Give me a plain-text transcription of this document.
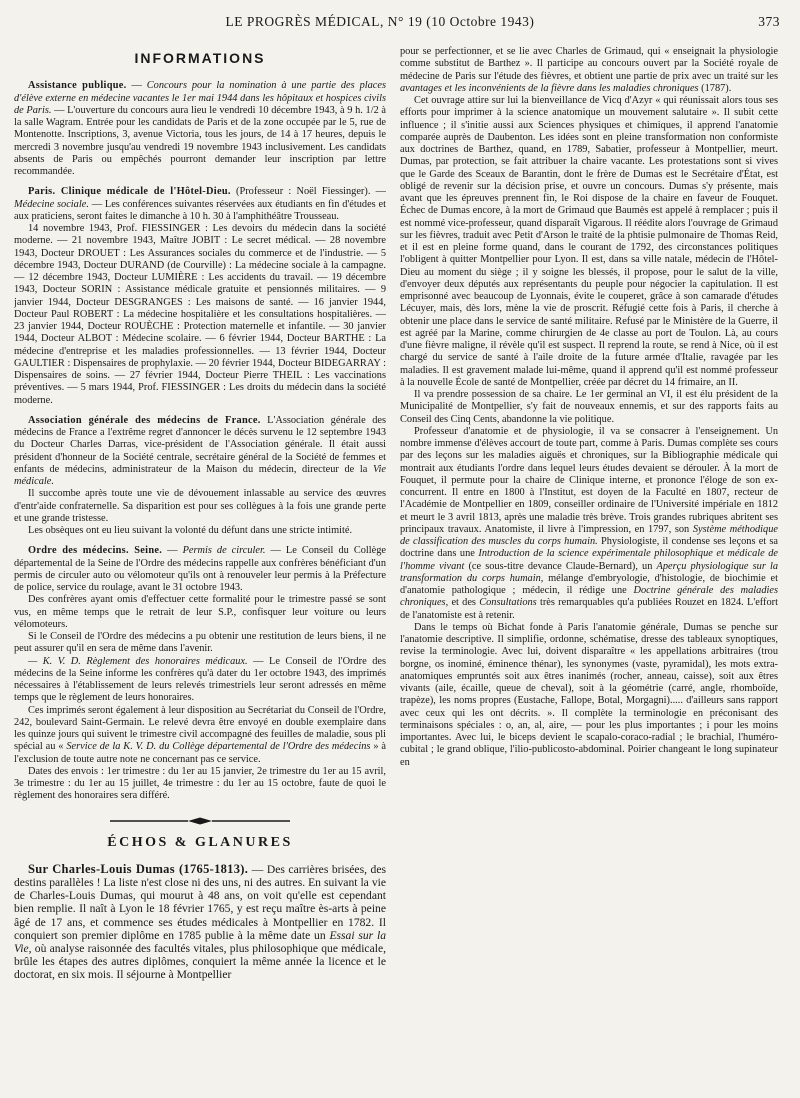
LE PROGRÈS MÉDICAL, N° 19 (10 Octobre 1943)	373
INFORMATIONS

Assistance publique. — Concours pour la nomination à une partie des places d'élève externe en médecine vacantes le 1er mai 1944 dans les hôpitaux et hospices civils de Paris. — L'ouverture du concours aura lieu le vendredi 10 décembre 1943, à 9 h. 1/2 à la salle Wagram. Entrée pour les candidats de Paris et de la zone occupée par le 5, rue de Montenotte. Inscriptions, 3, avenue Victoria, tous les jours, de 14 à 17 heures, depuis le mercredi 3 novembre jusqu'au vendredi 19 novembre 1943 inclusivement. Les candidats absents de Paris ou empêchés pourront demander leur inscription par lettre recommandée.

Paris. Clinique médicale de l'Hôtel-Dieu. (Professeur : Noël Fiessinger). — Médecine sociale. — Les conférences suivantes réservées aux étudiants en fin d'études et aux praticiens, seront faites le dimanche à 10 h. 30 à l'amphithéâtre Trousseau.

14 novembre 1943, Prof. FIESSINGER : Les devoirs du médecin dans la société moderne. — 21 novembre 1943, Maître JOBIT : Le secret médical. — 28 novembre 1943, Docteur DROUET : Les Assurances sociales du commerce et de l'industrie. — 5 décembre 1943, Docteur DURAND (de Courville) : La médecine sociale à la campagne. — 12 décembre 1943, Docteur LUMIÈRE : Les accidents du travail. — 19 décembre 1943, Docteur SORIN : Assistance médicale gratuite et pensionnés militaires. — 9 janvier 1944, Docteur DESGRANGES : Les maisons de santé. — 16 janvier 1944, Docteur Paul ROBERT : La médecine hospitalière et les consultations hospitalières. — 23 janvier 1944, Docteur ROUÈCHE : Protection maternelle et infantile. — 30 janvier 1944, Docteur ALBOT : Médecine scolaire. — 6 février 1944, Docteur BARTHE : La médecine d'entreprise et les maladies professionnelles. — 13 février 1944, Docteur GAULTIER : Dispensaires de prophylaxie. — 20 février 1944, Docteur BIDEGARRAY : Dispensaires de soins. — 27 février 1944, Docteur Pierre THEIL : Les vaccinations préventives. — 5 mars 1944, Prof. FIESSINGER : Les droits du médecin dans la société moderne.

Association générale des médecins de France. L'Association générale des médecins de France a l'extrême regret d'annoncer le décès survenu le 12 septembre 1943 du Docteur Charles Darras, vice-président de l'Association générale. Il était aussi président d'honneur de la Société centrale, secrétaire général de la Société de femmes et enfants de médecins, administrateur de la Maison du médecin, directeur de la Vie médicale.

Il succombe après toute une vie de dévouement inlassable au service des œuvres d'entr'aide confraternelle. Sa disparition est pour ses collègues à la fois une grande perte et une grande tristesse.

Les obsèques ont eu lieu suivant la volonté du défunt dans une stricte intimité.

Ordre des médecins. Seine. — Permis de circuler. — Le Conseil du Collège départemental de la Seine de l'Ordre des médecins rappelle aux confrères bénéficiant d'un permis de circuler auto ou vélomoteur qu'ils ont à renouveler leur permis à la Préfecture de police, service du roulage, avant le 31 octobre 1943.

Des confrères ayant omis d'effectuer cette formalité pour le trimestre passé se sont vus, en même temps que le retrait de leur S.P., confisquer leur voiture ou leurs vélomoteurs.

Si le Conseil de l'Ordre des médecins a pu obtenir une restitution de leurs biens, il ne peut assurer qu'il en sera de même dans l'avenir.

— K. V. D. Règlement des honoraires médicaux. — Le Conseil de l'Ordre des médecins de la Seine informe les confrères qu'à dater du 1er octobre 1943, des imprimés nécessaires à l'établissement de leurs relevés trimestriels leur seront adressés en même temps que le règlement de leurs honoraires.

Ces imprimés seront également à leur disposition au Secrétariat du Conseil de l'Ordre, 242, boulevard Saint-Germain. Le relevé devra être envoyé en double exemplaire dans les quinze jours qui suivent le trimestre civil accompagné des feuilles de maladie, sous pli spécial au « Service de la K. V. D. du Collège départemental de l'Ordre des médecins » à l'exclusion de toute autre note ne concernant pas ce service.

Dates des envois : 1er trimestre : du 1er au 15 janvier, 2e trimestre du 1er au 15 avril, 3e trimestre : du 1er au 15 juillet, 4e trimestre : du 1er au 15 octobre, faute de quoi le règlement des honoraires sera différé.

ÉCHOS & GLANURES

Sur Charles-Louis Dumas (1765-1813). — Des carrières brisées, des destins parallèles ! La liste n'est close ni des uns, ni des autres. En suivant la vie de Charles-Louis Dumas, qui mourut à 48 ans, on voit qu'elle est cependant bien remplie. Il naît à Lyon le 18 février 1765, y est reçu maître ès-arts à peine âgé de 17 ans, et commence ses études médicales à Montpellier en 1782. Il conquiert son premier diplôme en 1785 publie à la même date un Essai sur la Vie, où analyse raisonnée des facultés vitales, plus philosophique que médicale, brûle les étapes des autres diplômes, conquiert la même année la licence et le doctorat, en six mois. Il séjourne à Montpellier

pour se perfectionner, et se lie avec Charles de Grimaud, qui « enseignait la physiologie comme substitut de Barthez ». Il participe au concours ouvert par la Société royale de médecine de Paris sur l'étude des fièvres, et obtient une partie de prix avec un traité sur les avantages et les inconvénients de la fièvre dans les maladies chroniques (1787).

Cet ouvrage attire sur lui la bienveillance de Vicq d'Azyr « qui réunissait alors tous ses efforts pour imprimer à la science anatomique un mouvement salutaire ». Il subit cette influence ; il s'initie aussi aux Sciences physiques et chimiques, il apprend l'anatomie comparée auprès de Daubenton. Les idées sont en pleine transformation non conformiste aux doctrines de Barthez, quand, en 1789, Sabatier, professeur à Montpellier, meurt. Dumas, par protection, se fait attribuer la chaire vacante. Les protestations sont si vives que le Garde des Sceaux de Barantin, dont le frère de Dumas est le Secrétaire d'État, est obligé de revenir sur la décision prise, et ouvre un concours. Dumas s'y présente, mais avant que les épreuves prennent fin, le Roi dispose de la chaire en faveur de Fouquet. Échec de Dumas encore, à la mort de Grimaud que Baumès est appelé à remplacer ; puis il est nommé vice-professeur, quand disparaît Vigarous. Il réédite alors l'ouvrage de Grimaud sur les fièvres, traduit avec Petit d'Arson le traité de la phtisie pulmonaire de Thomas Reid, et il est en pleine forme quand, dans le courant de 1792, des circonstances politiques l'obligent à quitter Montpellier pour Lyon. Il est, dans sa ville natale, médecin de l'Hôtel-Dieu au moment du siège ; il y soigne les blessés, il propose, pour le salut de la ville, d'envoyer deux députés aux représentants du peuple pour négocier la capitulation. Il est emprisonné avec beaucoup de Lyonnais, évite le couperet, grâce à son camarade d'études Lécuyer, mais, dès lors, mène la vie de proscrit. Réfugié cette fois à Paris, il cherche à obtenir une place dans le service de santé militaire. Refusé par le Ministère de la Guerre, il est agréé par la Marine, comme chirurgien de 4e classe au port de Toulon. Là, au cours d'une fièvre maligne, il révèle qu'il est suspect. Il reprend la route, se rend à Nice, où il est chargé du service de santé à l'aile droite de la future armée d'Italie, ravagée par les maladies. Il est gravement malade lui-même, quand il apprend qu'il est nommé professeur à la nouvelle École de santé de Montpellier, créée par décret du 14 frimaire, an II.

Il va prendre possession de sa chaire. Le 1er germinal an VI, il est élu président de la Municipalité de Montpellier, s'y fait de nouveaux ennemis, et sur des rapports faits au Conseil des Cinq Cents, abandonne la vie politique.

Professeur d'anatomie et de physiologie, il va se consacrer à l'enseignement. Un nombre immense d'élèves accourt de toute part, comme à Paris. Dumas complète ses cours par des leçons sur les maladies aiguës et chroniques, sur la Bibliographie médicale qui montrait aux étudiants l'ordre dans lequel leurs études devaient se dérouler. À la mort de Fouquet, il permute pour la chaire de Clinique interne, et prononce l'éloge de son ex-concurrent. Il entre en 1800 à l'Institut, est doyen de la Faculté en 1807, recteur de l'Académie de Montpellier en 1809, conseiller ordinaire de l'Université impériale en 1812 et meurt le 3 avril 1813, après une maladie très brève. Trois grandes rubriques abritent ses principaux travaux. Anatomiste, il livre à l'impression, en 1797, son Système méthodique de classification des muscles du corps humain. Physiologiste, il condense ses leçons et sa doctrine dans une Introduction de la science expérimentale philosophique et médicale de l'homme vivant (ce sous-titre devance Claude-Bernard), un Aperçu physiologique sur la transformation du corps humain, mélange d'embryologie, d'histologie, de biochimie et d'anatomie pathologique ; médecin, il rédige une Doctrine générale des maladies chroniques, et des Consultations très remarquables qu'a publiées Rouzet en 1824. L'effort de l'anatomiste est à retenir.

Dans le temps où Bichat fonde à Paris l'anatomie générale, Dumas se penche sur l'anatomie descriptive. Il simplifie, ordonne, schématise, dresse des tableaux synoptiques, revise la terminologie. Avec lui, doivent disparaître « les appellations arbitraires (trou borgne, os inominé, éminence thénar), les synonymes (vaste, pyramidal), les mots extra-anatomiques empruntés soit aux êtres inanimés (rocher, anneau, caisse), soit aux êtres vivants (aile, écaille, queue de cheval), soit à la géométrie (carré, angle, rhomboïde, trapèze), les noms propres (Eustache, Fallope, Botal, Morgagni)..... d'ailleurs sans rapport avec ceux qui les ont décrits. ». Il complète la terminologie en préconisant des terminaisons spéciales : o, an, al, aire, — pour les plus importantes ; i pour les moins importantes. Avec lui, le biceps devient le scapalo-coraco-radial ; le brachial, l'huméro-cubital ; le grand oblique, l'ilio-publicosto-abdominal. Poirier changeant le long supinateur en
